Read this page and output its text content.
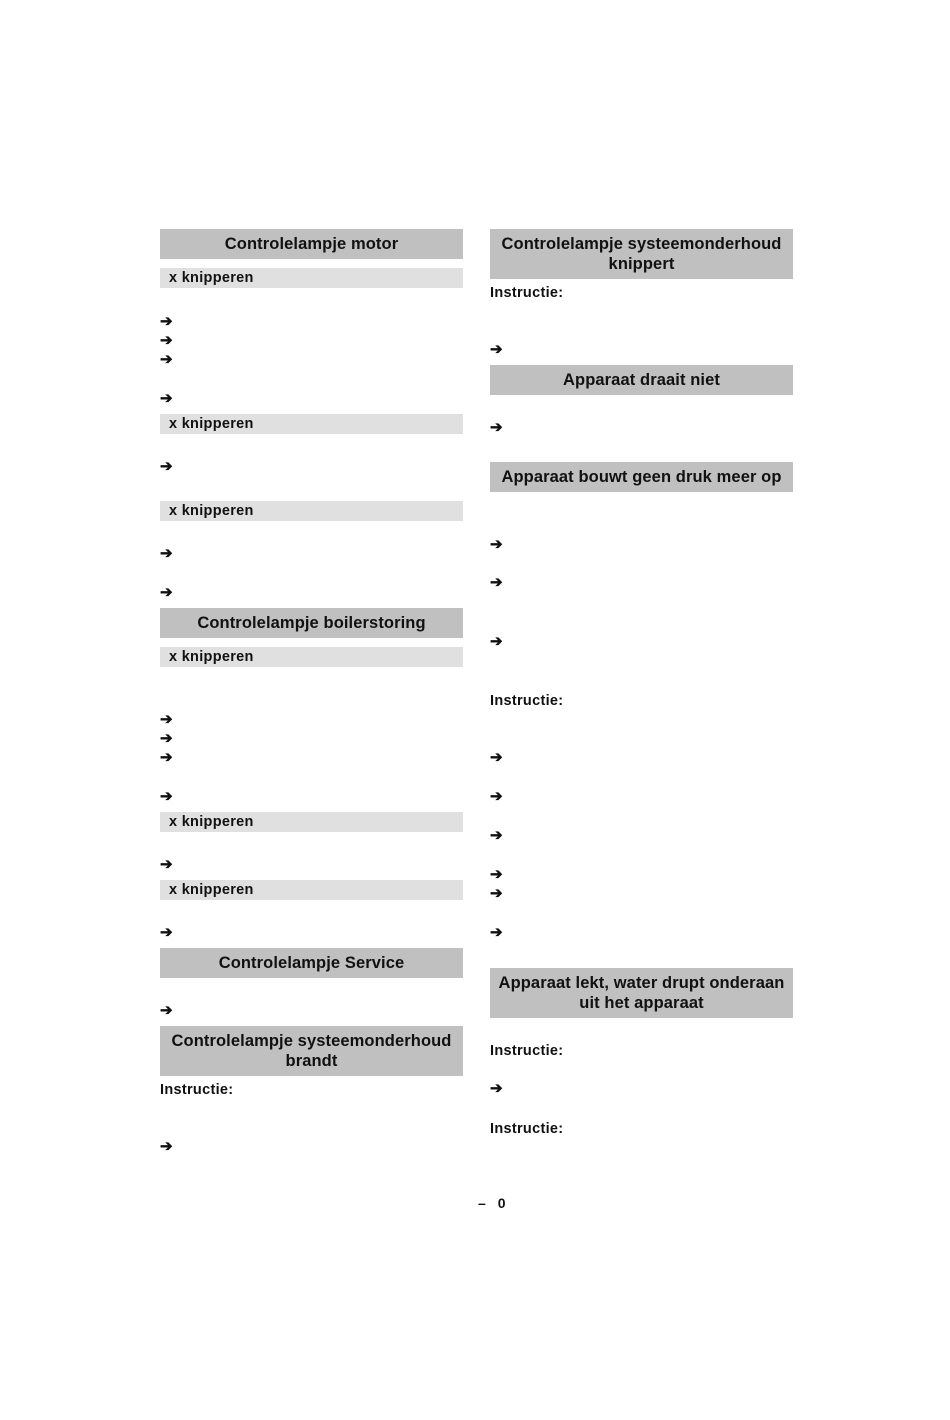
Controlelampje motor
x knipperen
➔
➔
➔
➔
x knipperen
➔
x knipperen
➔
➔
Controlelampje boilerstoring
x knipperen
➔
➔
➔
➔
x knipperen
➔
x knipperen
➔
Controlelampje Service
➔
Controlelampje systeemonderhoud brandt
Instructie:
➔
Controlelampje systeemonderhoud knippert
Instructie:
➔
Apparaat draait niet
➔
Apparaat bouwt geen druk meer op
➔
➔
➔
Instructie:
➔
➔
➔
➔
➔
➔
Apparaat lekt, water drupt onderaan uit het apparaat
Instructie:
➔
Instructie:
– 0
